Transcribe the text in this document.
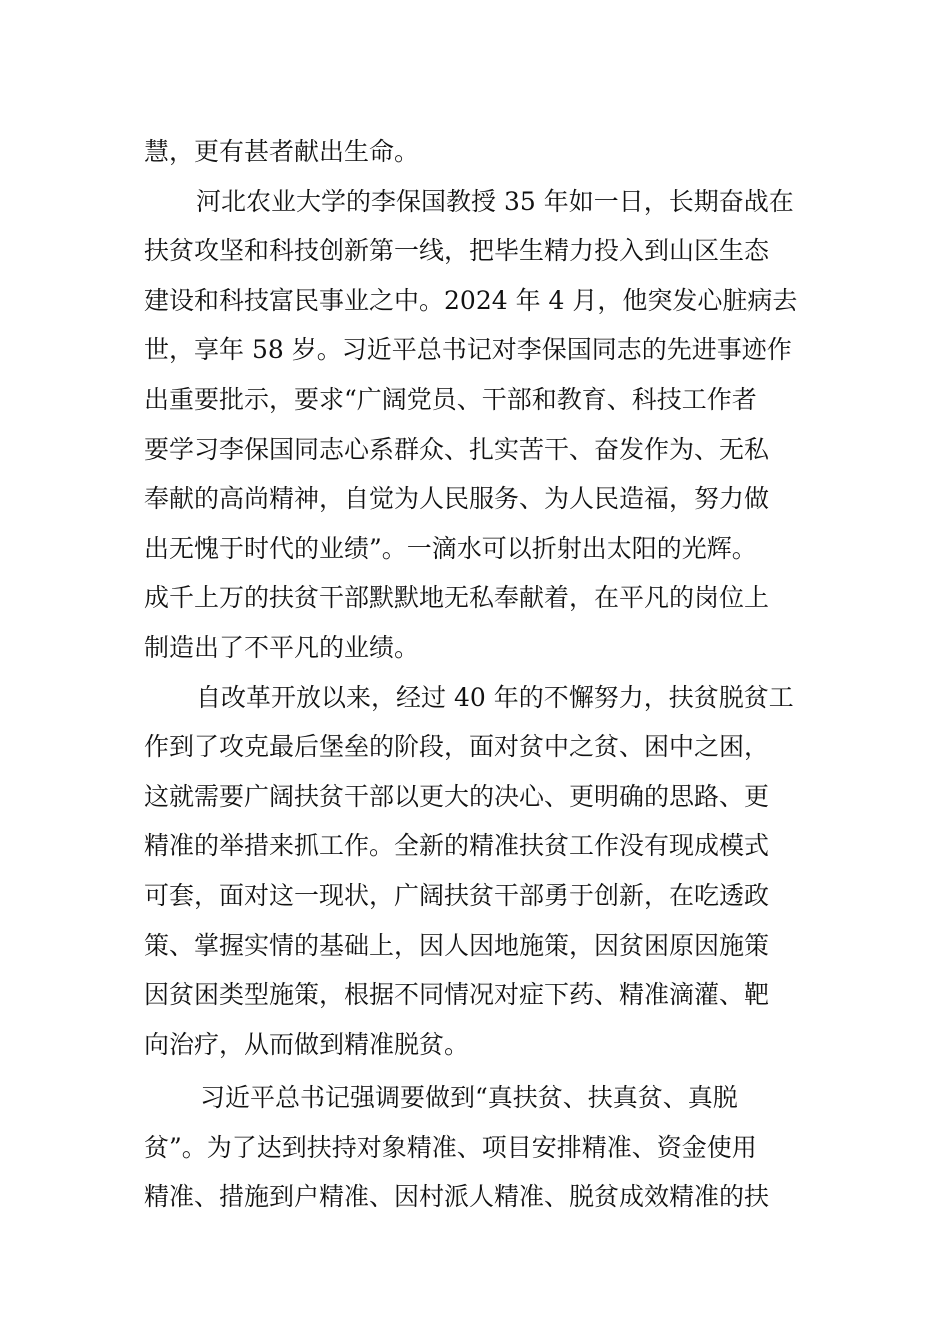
慧，更有甚者献出生命。
河北农业大学的李保国教授 35 年如一日，长期奋战在
扶贫攻坚和科技创新第一线，把毕生精力投入到山区生态
建设和科技富民事业之中。2024 年 4 月，他突发心脏病去
世，享年 58 岁。习近平总书记对李保国同志的先进事迹作
出重要批示，要求“广阔党员、干部和教育、科技工作者
要学习李保国同志心系群众、扎实苦干、奋发作为、无私
奉献的高尚精神，自觉为人民服务、为人民造福，努力做
出无愧于时代的业绩”。一滴水可以折射出太阳的光辉。
成千上万的扶贫干部默默地无私奉献着，在平凡的岗位上
制造出了不平凡的业绩。
自改革开放以来，经过 40 年的不懈努力，扶贫脱贫工
作到了攻克最后堡垒的阶段，面对贫中之贫、困中之困，
这就需要广阔扶贫干部以更大的决心、更明确的思路、更
精准的举措来抓工作。全新的精准扶贫工作没有现成模式
可套，面对这一现状，广阔扶贫干部勇于创新，在吃透政
策、掌握实情的基础上，因人因地施策，因贫困原因施策
因贫困类型施策，根据不同情况对症下药、精准滴灌、靶
向治疗，从而做到精准脱贫。
习近平总书记强调要做到“真扶贫、扶真贫、真脱
贫”。为了达到扶持对象精准、项目安排精准、资金使用
精准、措施到户精准、因村派人精准、脱贫成效精准的扶
